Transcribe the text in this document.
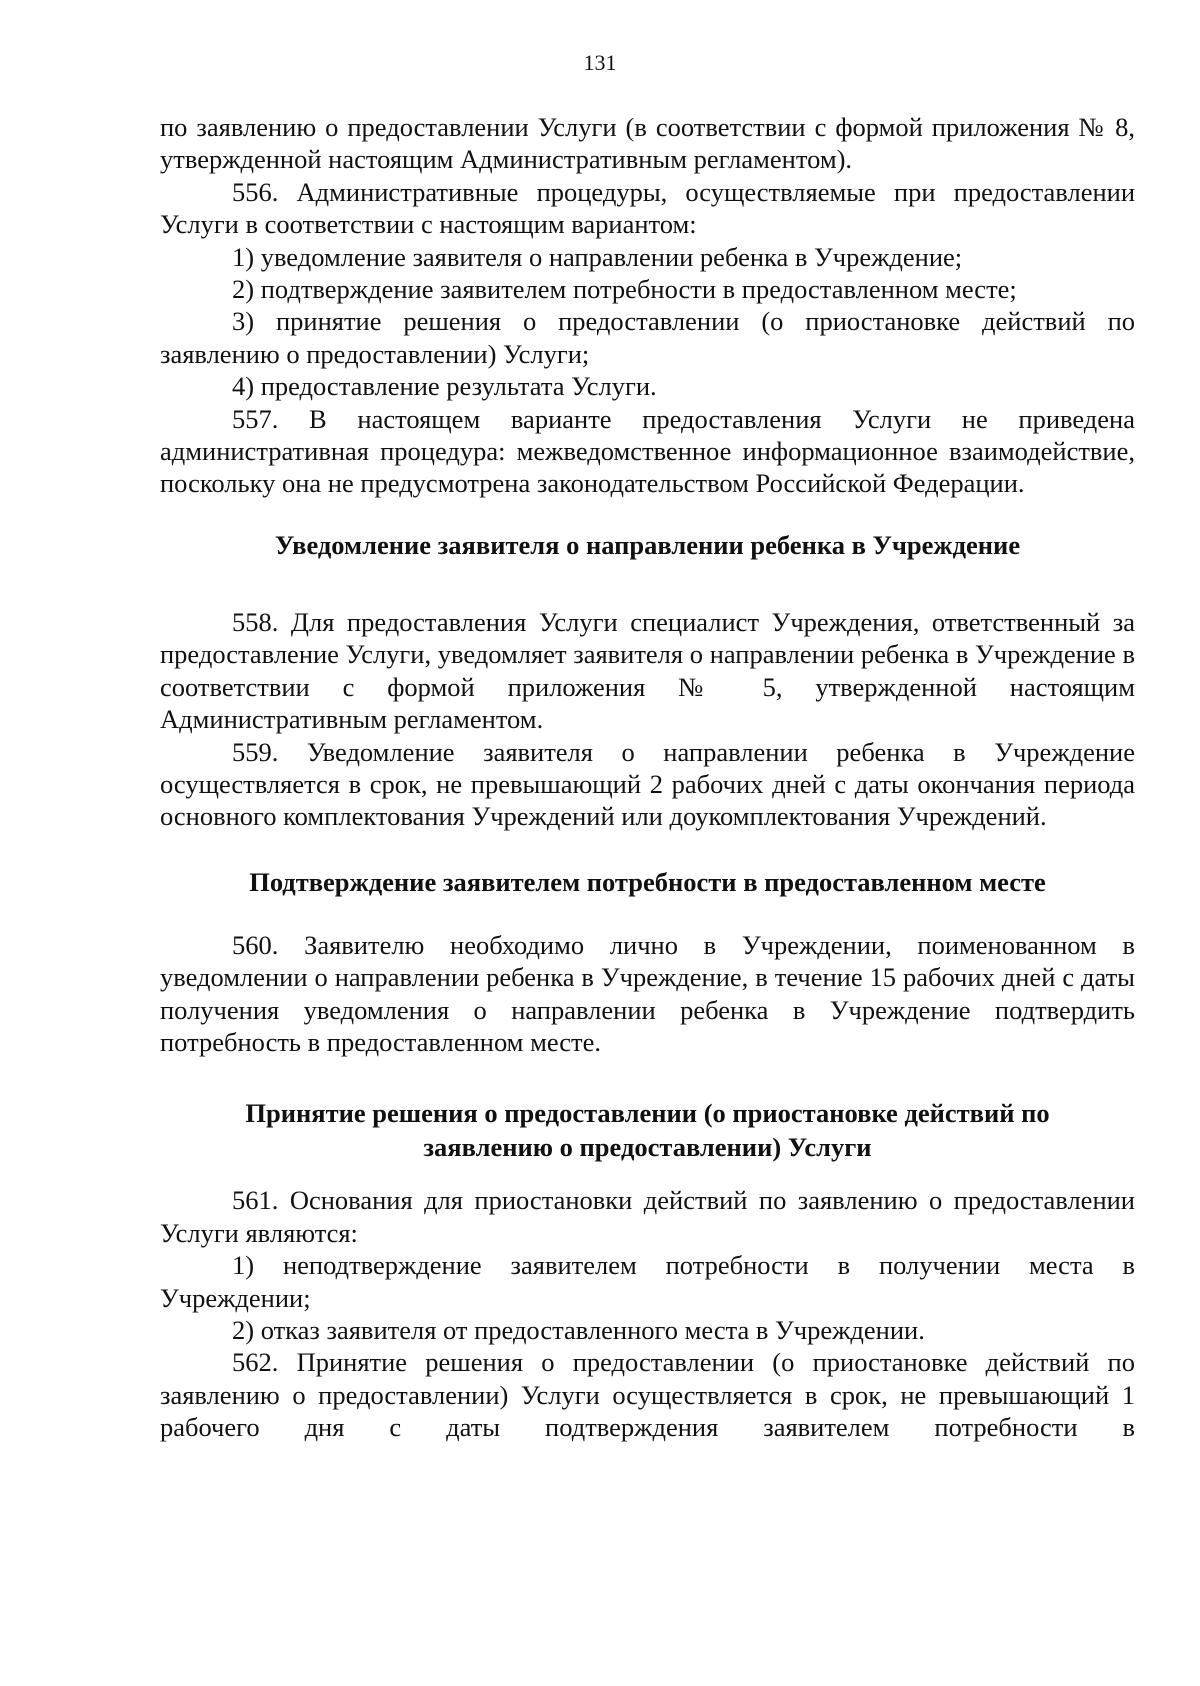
131

по заявлению о предоставлении Услуги (в соответствии с формой приложения № 8, утвержденной настоящим Административным регламентом).

556. Административные процедуры, осуществляемые при предоставлении Услуги в соответствии с настоящим вариантом:

1) уведомление заявителя о направлении ребенка в Учреждение;

2) подтверждение заявителем потребности в предоставленном месте;

3) принятие решения о предоставлении (о приостановке действий по заявлению о предоставлении) Услуги;

4) предоставление результата Услуги.

557. В настоящем варианте предоставления Услуги не приведена административная процедура: межведомственное информационное взаимодействие, поскольку она не предусмотрена законодательством Российской Федерации.

Уведомление заявителя о направлении ребенка в Учреждение

558. Для предоставления Услуги специалист Учреждения, ответственный за предоставление Услуги, уведомляет заявителя о направлении ребенка в Учреждение в соответствии с формой приложения № 5, утвержденной настоящим Административным регламентом.

559. Уведомление заявителя о направлении ребенка в Учреждение осуществляется в срок, не превышающий 2 рабочих дней с даты окончания периода основного комплектования Учреждений или доукомплектования Учреждений.

Подтверждение заявителем потребности в предоставленном месте

560. Заявителю необходимо лично в Учреждении, поименованном в уведомлении о направлении ребенка в Учреждение, в течение 15 рабочих дней с даты получения уведомления о направлении ребенка в Учреждение подтвердить потребность в предоставленном месте.

Принятие решения о предоставлении (о приостановке действий по

заявлению о предоставлении) Услуги

561. Основания для приостановки действий по заявлению о предоставлении Услуги являются:

1) неподтверждение заявителем потребности в получении места в Учреждении;

2) отказ заявителя от предоставленного места в Учреждении.

562. Принятие решения о предоставлении (о приостановке действий по заявлению о предоставлении) Услуги осуществляется в срок, не превышающий 1 рабочего дня с даты подтверждения заявителем потребности в
